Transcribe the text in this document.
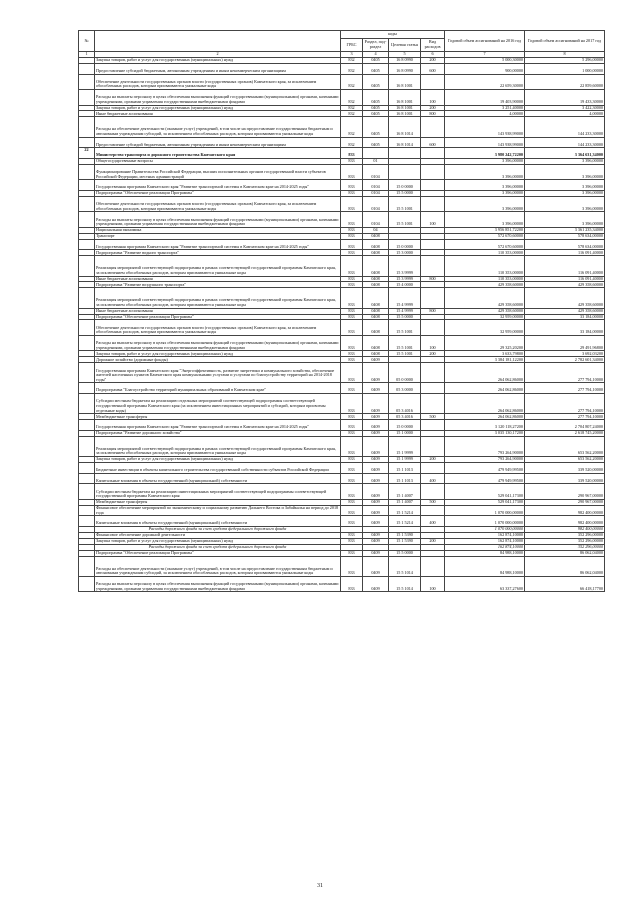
№		коды				Годовой объем ассигнований на 2016 год	Годовой объем ассигнований на 2017 год
		ГРБС	Раздел, под-раздел	Целевая статья	Вид расходов		
1	2	3	4	5	6	7	8
	Закупка товаров, работ и услуг для государственных (муниципальных) нужд	832	0405	16 8 0990	200	5 000,30000	5 296,00000
	Предоставление субсидий бюджетным, автономным учреждениям и иным некоммерческим организациям	832	0405	16 8 0990	600	900,00000	1 000,00000
	Обеспечение деятельности государственных органов власти (государственных органов) Камчатского края, за исключением обособленных расходов, которым присваиваются уникальные коды	832	0405	16 8 1001		22 659,30000	22 859,60000
	Расходы на выплаты персоналу в целях обеспечения выполнения функций государственными (муниципальными) органами, казенными учреждениями, органами управления государственными внебюджетными фондами	832	0405	16 8 1001	100	19 403,90000	19 433,30000
	Закупка товаров, работ и услуг для государственных (муниципальных) нужд	832	0405	16 8 1001	200	3 251,40000	3 422,30000
	Иные бюджетные ассигнования	832	0405	16 8 1001	800	4,00000	4,00000
	Расходы на обеспечение деятельности (оказание услуг) учреждений, в том числе на предоставление государственным бюджетным и автономным учреждениям субсидий, за исключением обособленных расходов, которым присваиваются уникальные коды	832	0405	16 8 1014		143 938,99000	144 233,30000
	Предоставление субсидий бюджетным, автономным учреждениям и иным некоммерческим организациям	832	0405	16 8 1014	600	143 938,99000	144 233,30000
22	Министерство транспорта и дорожного строительства Камчатского края	833				3 980 242,72200	3 364 631,34000
	Общегосударственные вопросы	833	01			3 396,00000	3 396,00000
	Функционирование Правительства Российской Федерации, высших исполнительных органов государственной власти субъектов Российской Федерации, местных администраций	833	0104			3 396,00000	3 396,00000
	Государственная программа Камчатского края "Развитие транспортной системы в Камчатском крае на 2014-2025 годы"	833	0104	15 0 0000		3 396,00000	3 396,00000
	Подпрограмма "Обеспечение реализации Программы"	833	0104	15 5 0000		3 396,00000	3 396,00000
	Обеспечение деятельности государственных органов власти (государственных органов) Камчатского края, за исключением обособленных расходов, которым присваиваются уникальные коды	833	0104	15 5 1001		3 396,00000	3 396,00000
	Расходы на выплаты персоналу в целях обеспечения выполнения функций государственными (муниципальными) органами, казенными учреждениями, органами управления государственными внебюджетными фондами	833	0104	15 5 1001	100	3 396,00000	3 396,00000
	Национальная экономика	833	04			3 956 851,72200	3 361 235,34000
	Транспорт	833	0408			572 670,60000	578 634,00000
	Государственная программа Камчатского края "Развитие транспортной системы в Камчатском крае на 2014-2025 годы"	833	0408	15 0 0000		572 670,60000	578 634,00000
	Подпрограмма "Развитие водного транспорта"	833	0408	15 3 0000		110 353,00000	116 091,40000
	Реализация мероприятий соответствующей подпрограммы в рамках соответствующей государственной программы Камчатского края, за исключением обособленных расходов, которым присваиваются уникальные коды	833	0408	15 3 9999		110 353,00000	116 091,40000
	Иные бюджетные ассигнования	833	0408	15 3 9999	800	110 353,00000	116 091,40000
	Подпрограмма "Развитие воздушного транспорта"	833	0408	15 4 0000		429 358,60000	429 358,60000
	Реализация мероприятий соответствующей подпрограммы в рамках соответствующей государственной программы Камчатского края, за исключением обособленных расходов, которым присваиваются уникальные коды	833	0408	15 4 9999		429 358,60000	429 358,60000
	Иные бюджетные ассигнования	833	0408	15 4 9999	800	429 358,60000	429 358,60000
	Подпрограмма "Обеспечение реализации Программы"	833	0408	15 5 0000		32 959,00000	33 184,00000
	Обеспечение деятельности государственных органов власти (государственных органов) Камчатского края, за исключением обособленных расходов, которым присваиваются уникальные коды	833	0408	15 5 1001		32 959,00000	33 184,00000
	Расходы на выплаты персоналу в целях обеспечения выполнения функций государственными (муниципальными) органами, казенными учреждениями, органами управления государственными внебюджетными фондами	833	0408	15 5 1001	100	29 325,20200	29 491,96800
	Закупка товаров, работ и услуг для государственных (муниципальных) нужд	833	0408	15 5 1001	200	3 633,79800	3 692,03200
	Дорожное хозяйство (дорожные фонды)	833	0409			3 384 181,12200	2 782 601,34000
	Государственная программа Камчатского края "Энергоэффективность, развитие энергетики и коммунального хозяйства, обеспечение жителей населенных пунктов Камчатского края коммунальными услугами и услугами по благоустройству территорий на 2014-2018 годы"	833	0409	05 0 0000		264 062,86000	277 794,10000
	Подпрограмма "Благоустройство территорий муниципальных образований в Камчатском крае"	833	0409	05 3 0000		264 062,86000	277 794,10000
	Субсидии местным бюджетам на реализацию отдельных мероприятий соответствующей подпрограммы соответствующей государственной программы Камчатского края (за исключением инвестиционных мероприятий и субсидий, которым присвоены отдельные коды)	833	0409	05 3 4016		264 062,86000	277 794,10000
	Межбюджетные трансферты	833	0409	05 3 4016	500	264 062,86000	277 794,10000
	Государственная программа Камчатского края "Развитие транспортной системы в Камчатском крае на 2014-2025 годы"	833	0409	15 0 0000		3 120 118,27200	2 704 807,24000
	Подпрограмма "Развитие дорожного хозяйства"	833	0409	15 1 0000		3 035 130,17200	2 618 745,20000
	Реализация мероприятий соответствующей подпрограммы в рамках соответствующей государственной программы Камчатского края, за исключением обособленных расходов, которым присваиваются уникальные коды	833	0409	15 1 9999		793 264,90000	653 562,20000
	Закупка товаров, работ и услуг для государственных (муниципальных) нужд	833	0409	15 1 9999	200	793 264,90000	653 562,20000
	Бюджетные инвестиции в объекты капитального строительства государственной собственности субъектов Российской Федерации	833	0409	15 1 1013		479 949,99500	339 520,00000
	Капитальные вложения в объекты государственной (муниципальной) собственности	833	0409	15 1 1013	400	479 949,99500	339 520,00000
	Субсидии местным бюджетам на реализацию инвестиционных мероприятий соответствующей подпрограммы соответствующей государственной программы Камчатского края	833	0409	15 1 4007		529 041,17300	290 967,00000
	Межбюджетные трансферты	833	0409	15 1 4007	500	529 041,17300	290 967,00000
	Финансовое обеспечение мероприятий по экономическому и социальному развитию Дальнего Востока и Забайкалья на период до 2018 года	833	0409	15 1 5214		1 070 000,00000	982 400,00000
	Капитальные вложения в объекты государственной (муниципальной) собственности	833	0409	15 1 5214	400	1 070 000,00000	982 400,00000
	Расходы дорожного фонда за счет средств федерального дорожного фонда					1 070 000,00000	982 400,00000
	Финансовое обеспечение дорожной деятельности	833	0409	15 1 5390		162 874,10000	352 296,00000
	Закупка товаров, работ и услуг для государственных (муниципальных) нужд	833	0409	15 1 5390	200	162 874,10000	352 296,00000
	Расходы дорожного фонда за счет средств федерального дорожного фонда					162 874,10000	352 296,00000
	Подпрограмма "Обеспечение реализации Программы"	833	0409	15 5 0000		84 988,10000	86 062,04000
	Расходы на обеспечение деятельности (оказание услуг) учреждений, в том числе на предоставление государственным бюджетным и автономным учреждениям субсидий, за исключением обособленных расходов, которым присваиваются уникальные коды	833	0409	15 5 1014		84 988,10000	86 062,04000
	Расходы на выплаты персоналу в целях обеспечения выполнения функций государственными (муниципальными) органами, казенными учреждениями, органами управления государственными внебюджетными фондами	833	0409	15 5 1014	100	63 337,27600	66 418,17700
31
